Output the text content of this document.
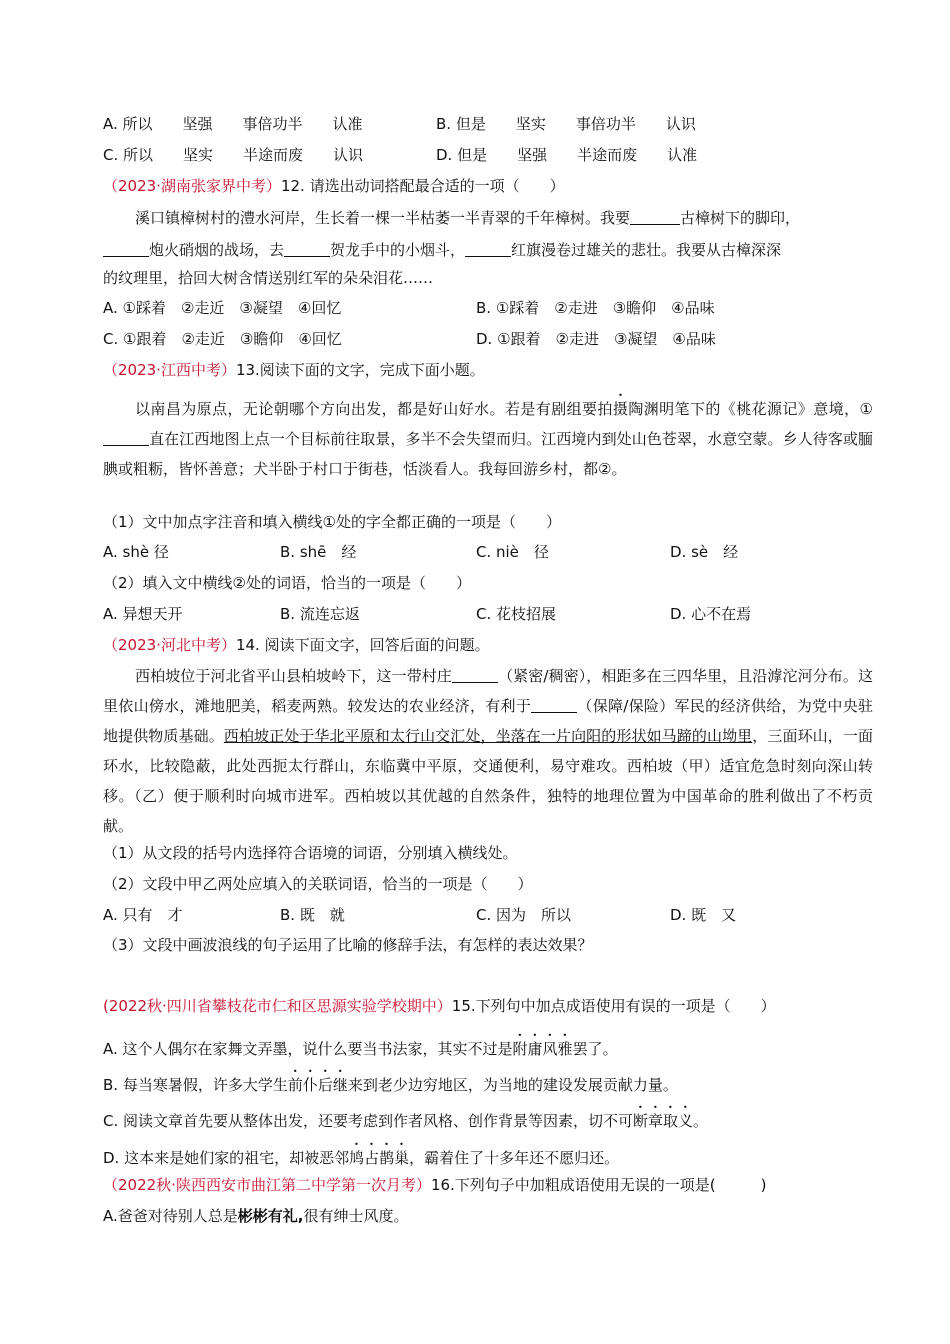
A. 所以　　坚强　　事倍功半　　认准	B. 但是　　坚实　　事倍功半　　认识
C. 所以　　坚实　　半途而废　　认识	D. 但是　　坚强　　半途而废　　认准
（2023·湖南张家界中考）12. 请选出动词搭配最合适的一项（　　）
溪口镇樟树村的澧水河岸，生长着一棵一半枯萎一半青翠的千年樟树。我要	古樟树下的脚印，
炮火硝烟的战场，去	贺龙手中的小烟斗，	红旗漫卷过雄关的悲壮。我要从古樟深深
的纹理里，拾回大树含情送别红军的朵朵泪花……
A. ①踩着　②走近　③凝望　④回忆	B. ①踩着　②走进　③瞻仰　④品味
C. ①跟着　②走近　③瞻仰　④回忆	D. ①跟着　②走进　③凝望　④品味
（2023·江西中考）13.阅读下面的文字，完成下面小题。

以南昌为原点，无论朝哪个方向出发，都是好山好水。若是有剧组要拍摄陶渊明笔下的《桃花源记》意境，①直在江西地图上点一个目标前往取景，多半不会失望而归。江西境内到处山色苍翠，水意空蒙。乡人待客或腼腆或粗粝，皆怀善意；犬半卧于村口于街巷，恬淡看人。我每回游乡村，都②。

（1）文中加点字注音和填入横线①处的字全都正确的一项是（　　）
A. shè 径	B. shē　经	C. niè　径	D. sè　经
（2）填入文中横线②处的词语，恰当的一项是（　　）
A. 异想天开	B. 流连忘返	C. 花枝招展	D. 心不在焉
（2023·河北中考）14. 阅读下面文字，回答后面的问题。

西柏坡位于河北省平山县柏坡岭下，这一带村庄	（紧密/稠密），相距多在三四华里，且沿滹沱河分布。这里依山傍水，滩地肥美，稻麦两熟。较发达的农业经济，有利于	（保障/保险）军民的经济供给，为党中央驻地提供物质基础。西柏坡正处于华北平原和太行山交汇处，坐落在一片向阳的形状如马蹄的山坳里，三面环山，一面环水，比较隐蔽，此处西扼太行群山，东临冀中平原，交通便利，易守难攻。西柏坡（甲）适宜危急时刻向深山转移。（乙）便于顺利时向城市进军。西柏坡以其优越的自然条件，独特的地理位置为中国革命的胜利做出了不朽贡献。

（1）从文段的括号内选择符合语境的词语，分别填入横线处。
（2）文段中甲乙两处应填入的关联词语，恰当的一项是（　　）
A. 只有　才	B. 既　就	C. 因为　所以	D. 既　又
（3）文段中画波浪线的句子运用了比喻的修辞手法，有怎样的表达效果？
(2022秋·四川省攀枝花市仁和区思源实验学校期中）15.下列句中加点成语使用有误的一项是（　　）
A. 这个人偶尔在家舞文弄墨，说什么要当书法家，其实不过是附庸风雅罢了。
B. 每当寒暑假，许多大学生前仆后继来到老少边穷地区，为当地的建设发展贡献力量。
C. 阅读文章首先要从整体出发，还要考虑到作者风格、创作背景等因素，切不可断章取义。
D. 这本来是她们家的祖宅，却被恶邻鸠占鹊巢，霸着住了十多年还不愿归还。
（2022秋·陕西西安市曲江第二中学第一次月考）16.下列句子中加粗成语使用无误的一项是(　　　)
A.爸爸对待别人总是彬彬有礼,很有绅士风度。
